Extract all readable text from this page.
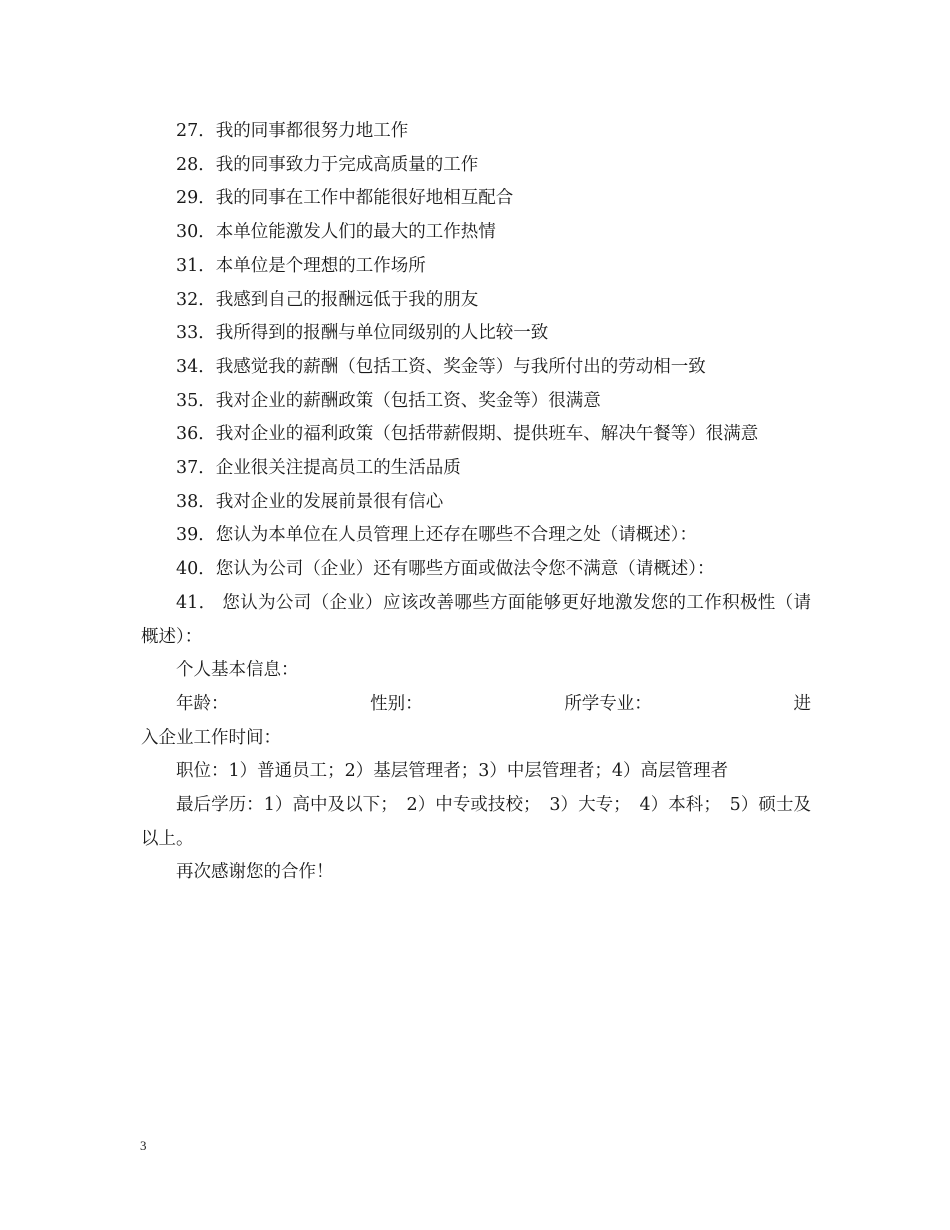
27．我的同事都很努力地工作

28．我的同事致力于完成高质量的工作

29．我的同事在工作中都能很好地相互配合

30．本单位能激发人们的最大的工作热情

31．本单位是个理想的工作场所

32．我感到自己的报酬远低于我的朋友

33．我所得到的报酬与单位同级别的人比较一致

34．我感觉我的薪酬（包括工资、奖金等）与我所付出的劳动相一致

35．我对企业的薪酬政策（包括工资、奖金等）很满意

36．我对企业的福利政策（包括带薪假期、提供班车、解决午餐等）很满意

37．企业很关注提高员工的生活品质

38．我对企业的发展前景很有信心

39．您认为本单位在人员管理上还存在哪些不合理之处（请概述）：

40．您认为公司（企业）还有哪些方面或做法令您不满意（请概述）：

41． 您认为公司（企业）应该改善哪些方面能够更好地激发您的工作积极性（请概述）：

个人基本信息：

年龄：	性别：	所学专业：	进

入企业工作时间：

职位：1）普通员工；2）基层管理者；3）中层管理者；4）高层管理者

最后学历：1）高中及以下；　2）中专或技校；　3）大专；　4）本科；　5）硕士及以上。

再次感谢您的合作！

3
